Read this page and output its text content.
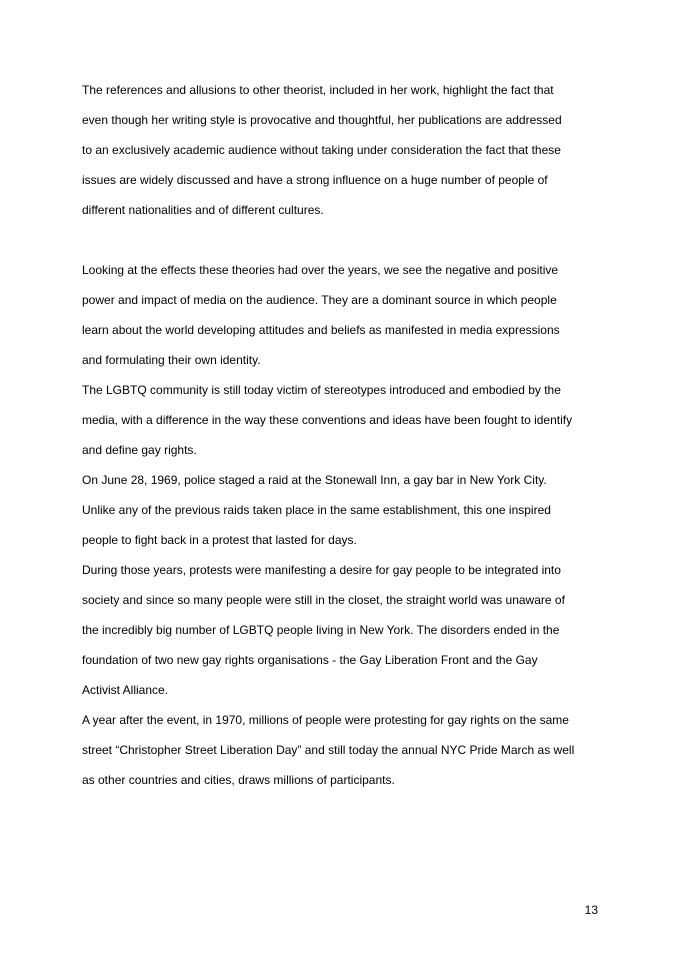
The references and allusions to other theorist, included in her work, highlight the fact that
even though her writing style is provocative and thoughtful, her publications are addressed
to an exclusively academic audience without taking under consideration the fact that these
issues are widely discussed and have a strong influence on a huge number of people of
different nationalities and of different cultures.
Looking at the effects these theories had over the years, we see the negative and positive
power and impact of media on the audience. They are a dominant source in which people
learn about the world developing attitudes and beliefs as manifested in media expressions
and formulating their own identity.
The LGBTQ community is still today victim of stereotypes introduced and embodied by the
media, with a difference in the way these conventions and ideas have been fought to identify
and define gay rights.
On June 28, 1969, police staged a raid at the Stonewall Inn, a gay bar in New York City.
Unlike any of the previous raids taken place in the same establishment, this one inspired
people to fight back in a protest that lasted for days.
During those years, protests were manifesting a desire for gay people to be integrated into
society and since so many people were still in the closet, the straight world was unaware of
the incredibly big number of LGBTQ people living in New York. The disorders ended in the
foundation of two new gay rights organisations - the Gay Liberation Front and the Gay
Activist Alliance.
A year after the event, in 1970, millions of people were protesting for gay rights on the same
street “Christopher Street Liberation Day” and still today the annual NYC Pride March as well
as other countries and cities, draws millions of participants.
13
